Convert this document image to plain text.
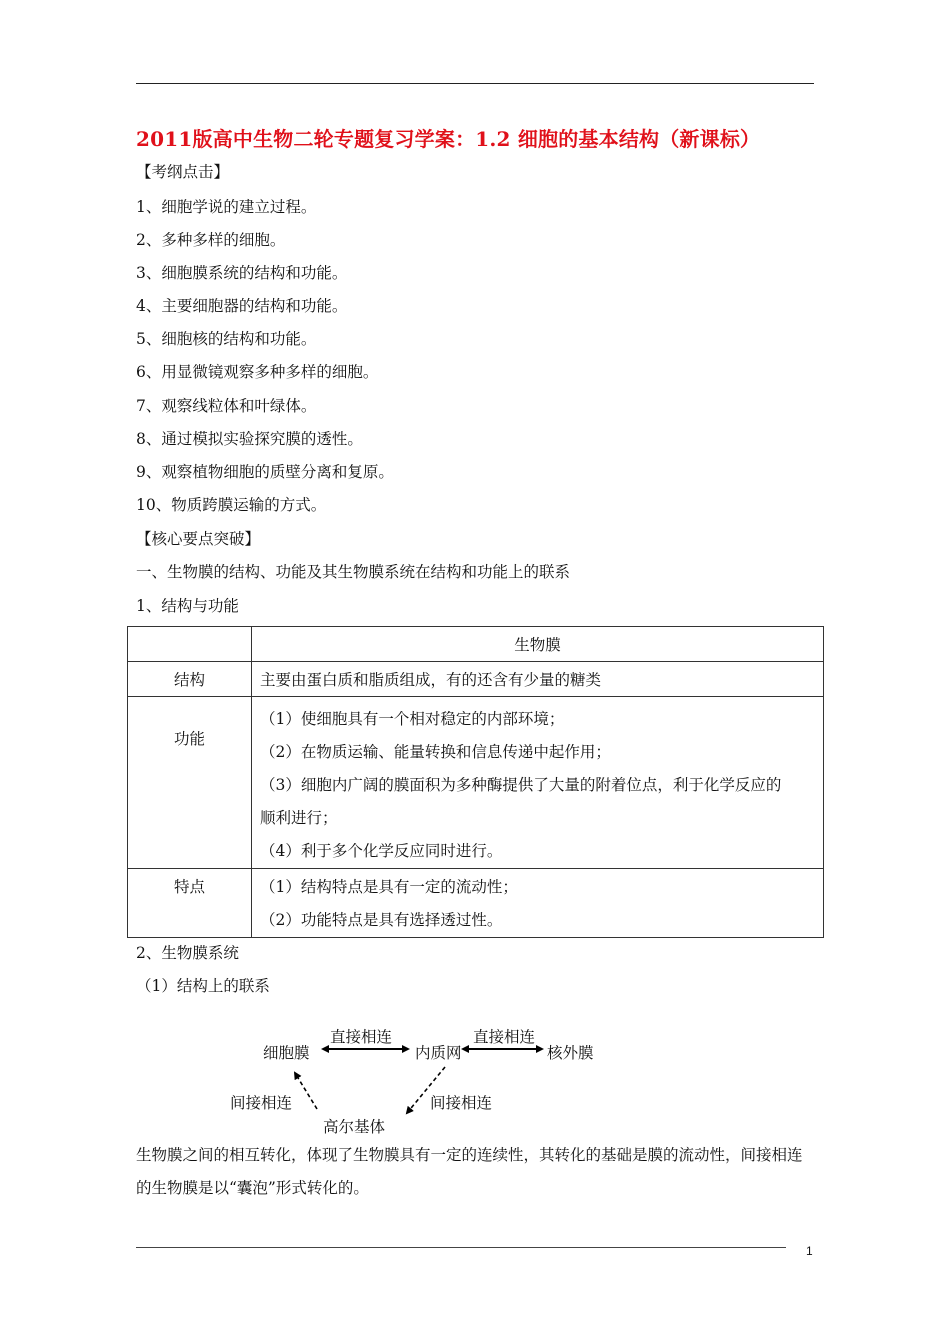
2011版高中生物二轮专题复习学案：1.2 细胞的基本结构（新课标）
【考纲点击】
1、细胞学说的建立过程。
2、多种多样的细胞。
3、细胞膜系统的结构和功能。
4、主要细胞器的结构和功能。
5、细胞核的结构和功能。
6、用显微镜观察多种多样的细胞。
7、观察线粒体和叶绿体。
8、通过模拟实验探究膜的透性。
9、观察植物细胞的质壁分离和复原。
10、物质跨膜运输的方式。
【核心要点突破】
一、生物膜的结构、功能及其生物膜系统在结构和功能上的联系
1、结构与功能
	生物膜
结构	主要由蛋白质和脂质组成，有的还含有少量的糖类

功能	（1）使细胞具有一个相对稳定的内部环境；
（2）在物质运输、能量转换和信息传递中起作用；
（3）细胞内广阔的膜面积为多种酶提供了大量的附着位点，利于化学反应的
顺利进行；
（4）利于多个化学反应同时进行。

特点	（1）结构特点是具有一定的流动性；
（2）功能特点是具有选择透过性。
2、生物膜系统
（1）结构上的联系
直接相连	直接相连
细胞膜	内质网	核外膜
间接相连	间接相连
高尔基体
生物膜之间的相互转化，体现了生物膜具有一定的连续性，其转化的基础是膜的流动性，间接相连的生物膜是以“囊泡”形式转化的。
1
